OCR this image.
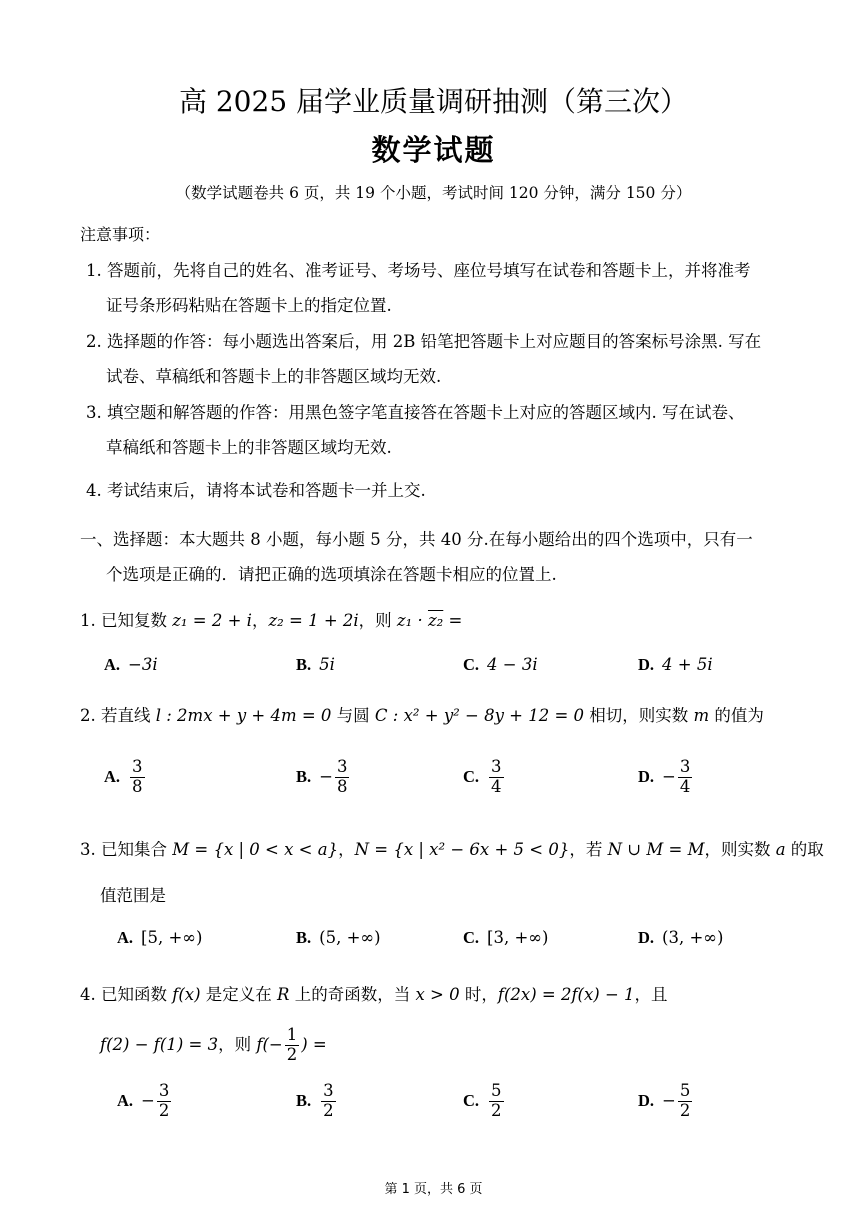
高 2025 届学业质量调研抽测（第三次）
数学试题
（数学试题卷共 6 页，共 19 个小题，考试时间 120 分钟，满分 150 分）
注意事项：
1. 答题前，先将自己的姓名、准考证号、考场号、座位号填写在试卷和答题卡上，并将准考
证号条形码粘贴在答题卡上的指定位置.
2. 选择题的作答：每小题选出答案后，用 2B 铅笔把答题卡上对应题目的答案标号涂黑. 写在
试卷、草稿纸和答题卡上的非答题区域均无效.
3. 填空题和解答题的作答：用黑色签字笔直接答在答题卡上对应的答题区域内. 写在试卷、
草稿纸和答题卡上的非答题区域均无效.
4. 考试结束后，请将本试卷和答题卡一并上交.
一、选择题：本大题共 8 小题，每小题 5 分，共 40 分.在每小题给出的四个选项中，只有一
个选项是正确的．请把正确的选项填涂在答题卡相应的位置上.
1. 已知复数 z₁ = 2 + i，z₂ = 1 + 2i，则 z₁ · z₂ =
A. −3i	B. 5i	C. 4 − 3i	D. 4 + 5i
2. 若直线 l : 2mx + y + 4m = 0 与圆 C : x² + y² − 8y + 12 = 0 相切，则实数 m 的值为
A. $\frac{3}{8}$	B. − $\frac{3}{8}$	C. $\frac{3}{4}$	D. − $\frac{3}{4}$
3. 已知集合 M = {x | 0 < x < a}，N = {x | x² − 6x + 5 < 0}，若 N ∪ M = M，则实数 a 的取
值范围是
A. [5, +∞)	B. (5, +∞)	C. [3, +∞)	D. (3, +∞)
4. 已知函数 f(x) 是定义在 R 上的奇函数，当 x > 0 时，f(2x) = 2f(x) − 1，且
f(2) − f(1) = 3，则 $f(- \frac{1}{2}$ ) =
A. − $\frac{3}{2}$	B. $\frac{3}{2}$	C. $\frac{5}{2}$	D. − $\frac{5}{2}$
第 1 页，共 6 页
